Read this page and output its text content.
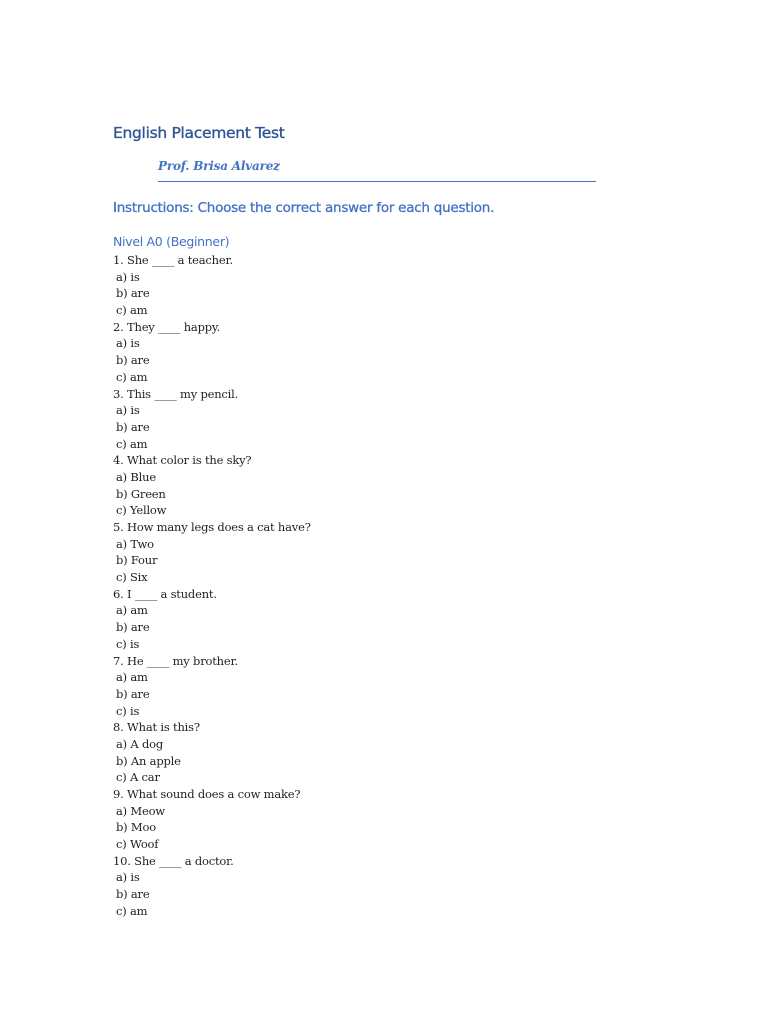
English Placement Test
Prof. Brisa Alvarez
Instructions: Choose the correct answer for each question.
Nivel A0 (Beginner)
1. She ____ a teacher.
a) is
b) are
c) am
2. They ____ happy.
a) is
b) are
c) am
3. This ____ my pencil.
a) is
b) are
c) am
4. What color is the sky?
a) Blue
b) Green
c) Yellow
5. How many legs does a cat have?
a) Two
b) Four
c) Six
6. I ____ a student.
a) am
b) are
c) is
7. He ____ my brother.
a) am
b) are
c) is
8. What is this?
a) A dog
b) An apple
c) A car
9. What sound does a cow make?
a) Meow
b) Moo
c) Woof
10. She ____ a doctor.
a) is
b) are
c) am
